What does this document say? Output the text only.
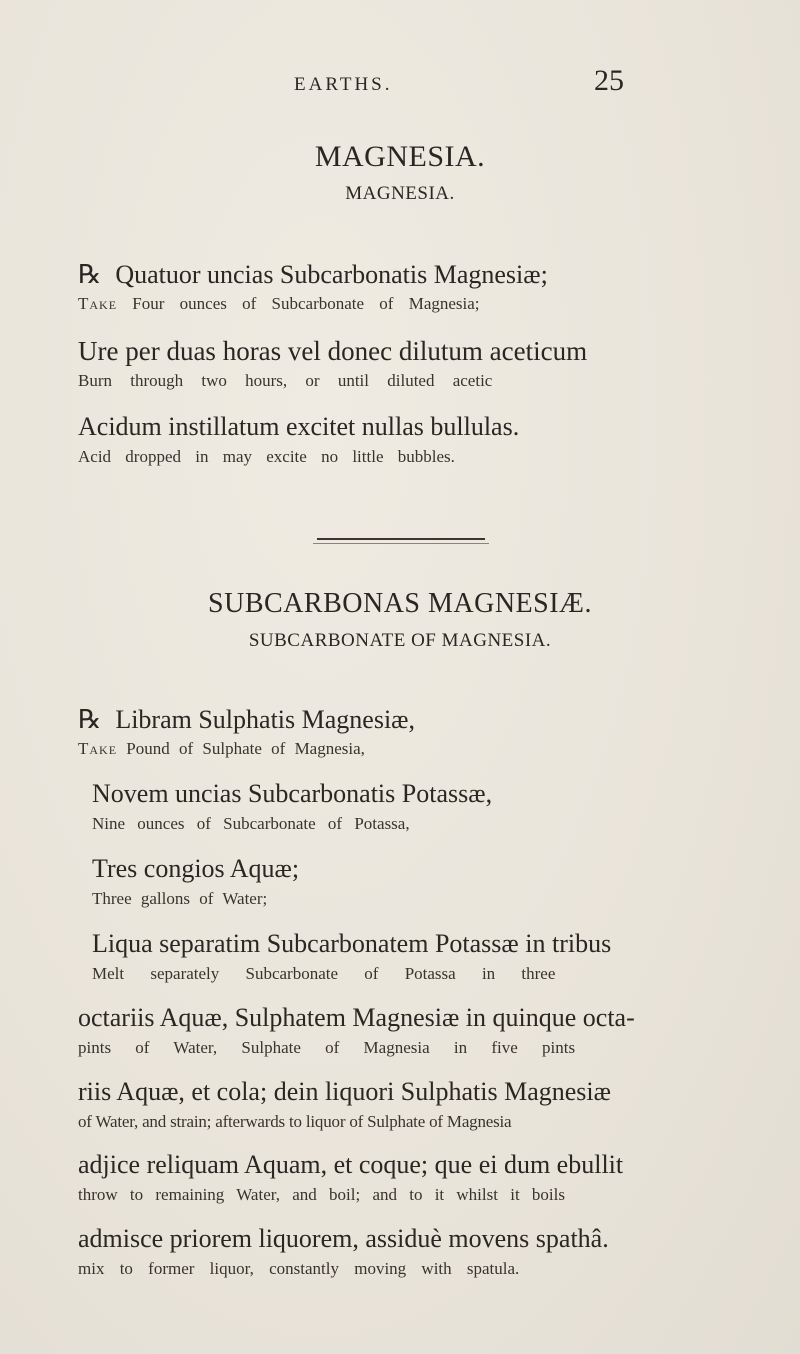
EARTHS.	25
MAGNESIA.
MAGNESIA.
℞ Quatuor uncias Subcarbonatis Magnesiæ;
Take Four ounces of Subcarbonate of Magnesia;
Ure per duas horas vel donec dilutum aceticum
Burn through two hours, or until diluted acetic
Acidum instillatum excitet nullas bullulas.
Acid dropped in may excite no little bubbles.
SUBCARBONAS MAGNESIÆ.
SUBCARBONATE OF MAGNESIA.
℞ Libram Sulphatis Magnesiæ,
Take Pound of Sulphate of Magnesia,
Novem uncias Subcarbonatis Potassæ,
Nine ounces of Subcarbonate of Potassa,
Tres congios Aquæ;
Three gallons of Water;
Liqua separatim Subcarbonatem Potassæ in tribus
Melt separately Subcarbonate of Potassa in three
octariis Aquæ, Sulphatem Magnesiæ in quinque octa-
pints of Water, Sulphate of Magnesia in five pints
riis Aquæ, et cola; dein liquori Sulphatis Magnesiæ
of Water, and strain; afterwards to liquor of Sulphate of Magnesia
adjice reliquam Aquam, et coque; que ei dum ebullit
throw to remaining Water, and boil; and to it whilst it boils
admisce priorem liquorem, assiduè movens spathâ.
mix to former liquor, constantly moving with spatula.
